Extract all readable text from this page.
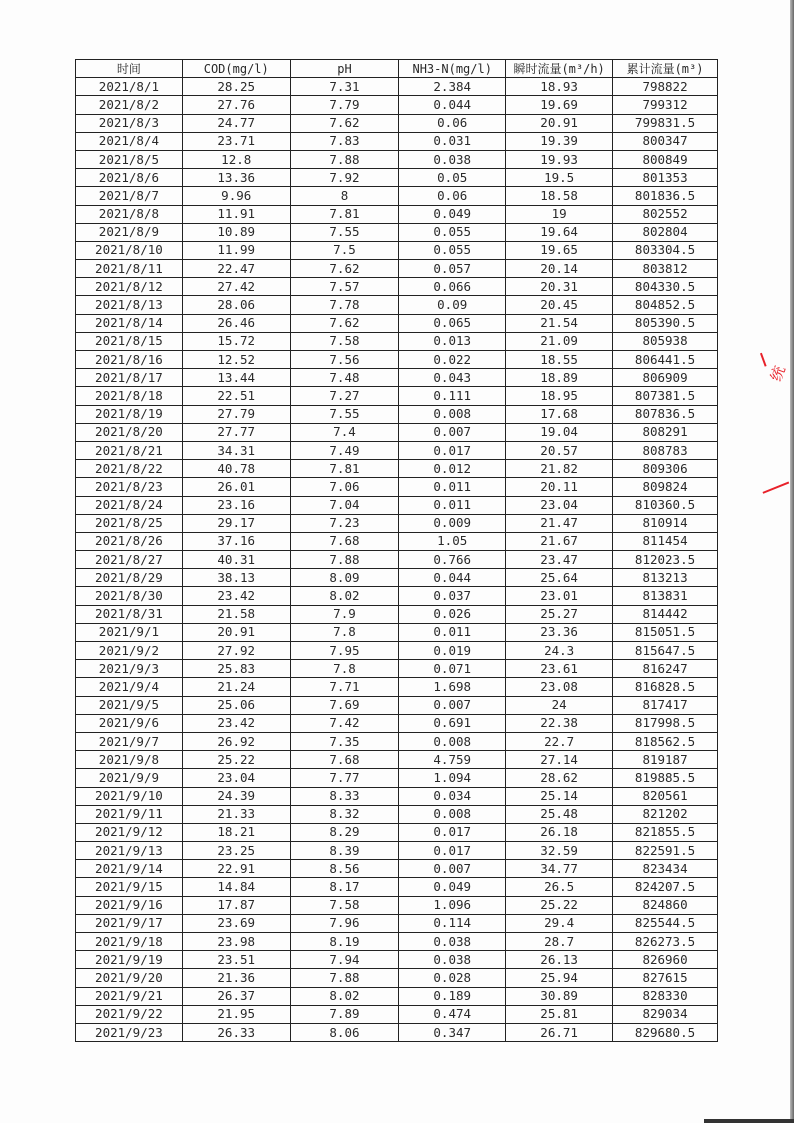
时间	COD(mg/l)	pH	NH3-N(mg/l)	瞬时流量(m³/h)	累计流量(m³)
2021/8/1	28.25	7.31	2.384	18.93	798822
2021/8/2	27.76	7.79	0.044	19.69	799312
2021/8/3	24.77	7.62	0.06	20.91	799831.5
2021/8/4	23.71	7.83	0.031	19.39	800347
2021/8/5	12.8	7.88	0.038	19.93	800849
2021/8/6	13.36	7.92	0.05	19.5	801353
2021/8/7	9.96	8	0.06	18.58	801836.5
2021/8/8	11.91	7.81	0.049	19	802552
2021/8/9	10.89	7.55	0.055	19.64	802804
2021/8/10	11.99	7.5	0.055	19.65	803304.5
2021/8/11	22.47	7.62	0.057	20.14	803812
2021/8/12	27.42	7.57	0.066	20.31	804330.5
2021/8/13	28.06	7.78	0.09	20.45	804852.5
2021/8/14	26.46	7.62	0.065	21.54	805390.5
2021/8/15	15.72	7.58	0.013	21.09	805938
2021/8/16	12.52	7.56	0.022	18.55	806441.5
2021/8/17	13.44	7.48	0.043	18.89	806909
2021/8/18	22.51	7.27	0.111	18.95	807381.5
2021/8/19	27.79	7.55	0.008	17.68	807836.5
2021/8/20	27.77	7.4	0.007	19.04	808291
2021/8/21	34.31	7.49	0.017	20.57	808783
2021/8/22	40.78	7.81	0.012	21.82	809306
2021/8/23	26.01	7.06	0.011	20.11	809824
2021/8/24	23.16	7.04	0.011	23.04	810360.5
2021/8/25	29.17	7.23	0.009	21.47	810914
2021/8/26	37.16	7.68	1.05	21.67	811454
2021/8/27	40.31	7.88	0.766	23.47	812023.5
2021/8/29	38.13	8.09	0.044	25.64	813213
2021/8/30	23.42	8.02	0.037	23.01	813831
2021/8/31	21.58	7.9	0.026	25.27	814442
2021/9/1	20.91	7.8	0.011	23.36	815051.5
2021/9/2	27.92	7.95	0.019	24.3	815647.5
2021/9/3	25.83	7.8	0.071	23.61	816247
2021/9/4	21.24	7.71	1.698	23.08	816828.5
2021/9/5	25.06	7.69	0.007	24	817417
2021/9/6	23.42	7.42	0.691	22.38	817998.5
2021/9/7	26.92	7.35	0.008	22.7	818562.5
2021/9/8	25.22	7.68	4.759	27.14	819187
2021/9/9	23.04	7.77	1.094	28.62	819885.5
2021/9/10	24.39	8.33	0.034	25.14	820561
2021/9/11	21.33	8.32	0.008	25.48	821202
2021/9/12	18.21	8.29	0.017	26.18	821855.5
2021/9/13	23.25	8.39	0.017	32.59	822591.5
2021/9/14	22.91	8.56	0.007	34.77	823434
2021/9/15	14.84	8.17	0.049	26.5	824207.5
2021/9/16	17.87	7.58	1.096	25.22	824860
2021/9/17	23.69	7.96	0.114	29.4	825544.5
2021/9/18	23.98	8.19	0.038	28.7	826273.5
2021/9/19	23.51	7.94	0.038	26.13	826960
2021/9/20	21.36	7.88	0.028	25.94	827615
2021/9/21	26.37	8.02	0.189	30.89	828330
2021/9/22	21.95	7.89	0.474	25.81	829034
2021/9/23	26.33	8.06	0.347	26.71	829680.5
统
